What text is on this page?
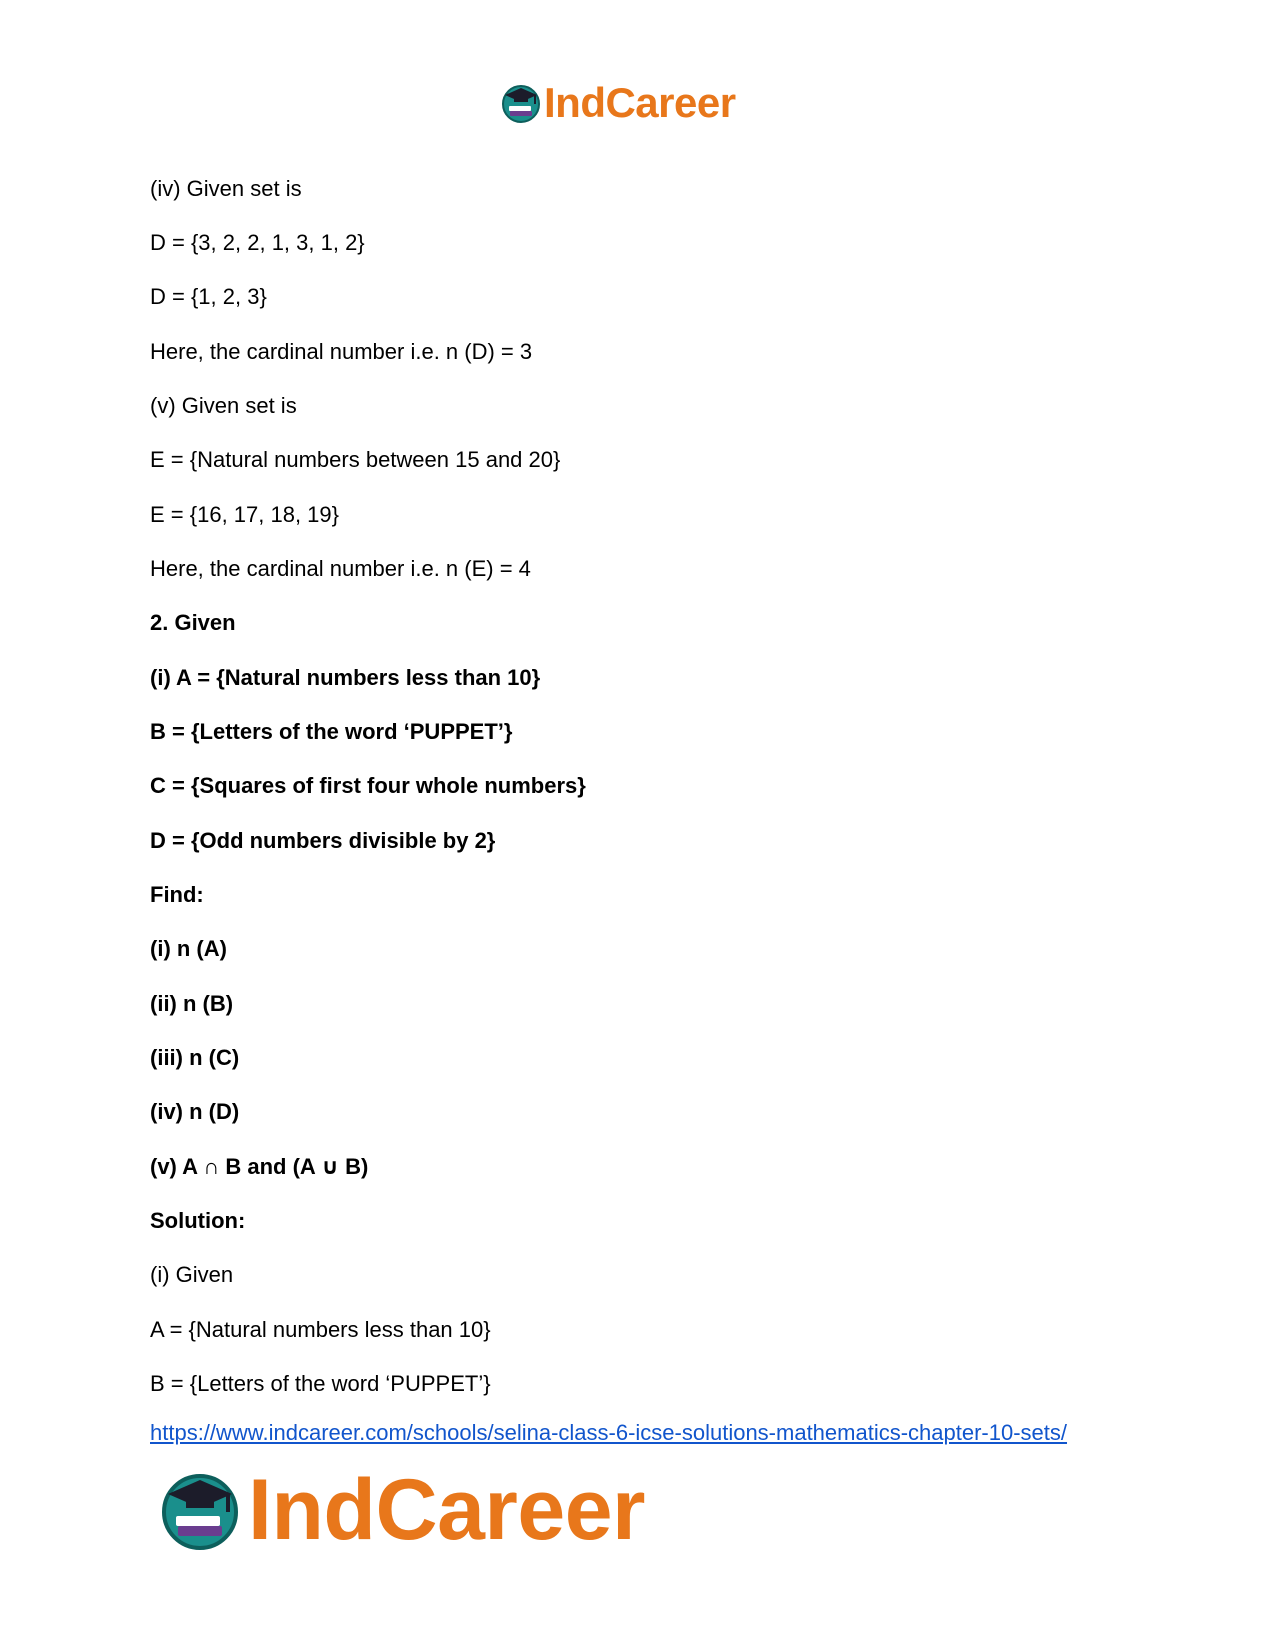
IndCareer
(iv) Given set is
D = {3, 2, 2, 1, 3, 1, 2}
D = {1, 2, 3}
Here, the cardinal number i.e. n (D) = 3
(v) Given set is
E = {Natural numbers between 15 and 20}
E = {16, 17, 18, 19}
Here, the cardinal number i.e. n (E) = 4
2. Given
(i) A = {Natural numbers less than 10}
B = {Letters of the word ‘PUPPET’}
C = {Squares of first four whole numbers}
D = {Odd numbers divisible by 2}
Find:
(i) n (A)
(ii) n (B)
(iii) n (C)
(iv) n (D)
(v) A ∩ B and (A ∪ B)
Solution:
(i) Given
A = {Natural numbers less than 10}
B = {Letters of the word ‘PUPPET’}
https://www.indcareer.com/schools/selina-class-6-icse-solutions-mathematics-chapter-10-sets/
IndCareer
